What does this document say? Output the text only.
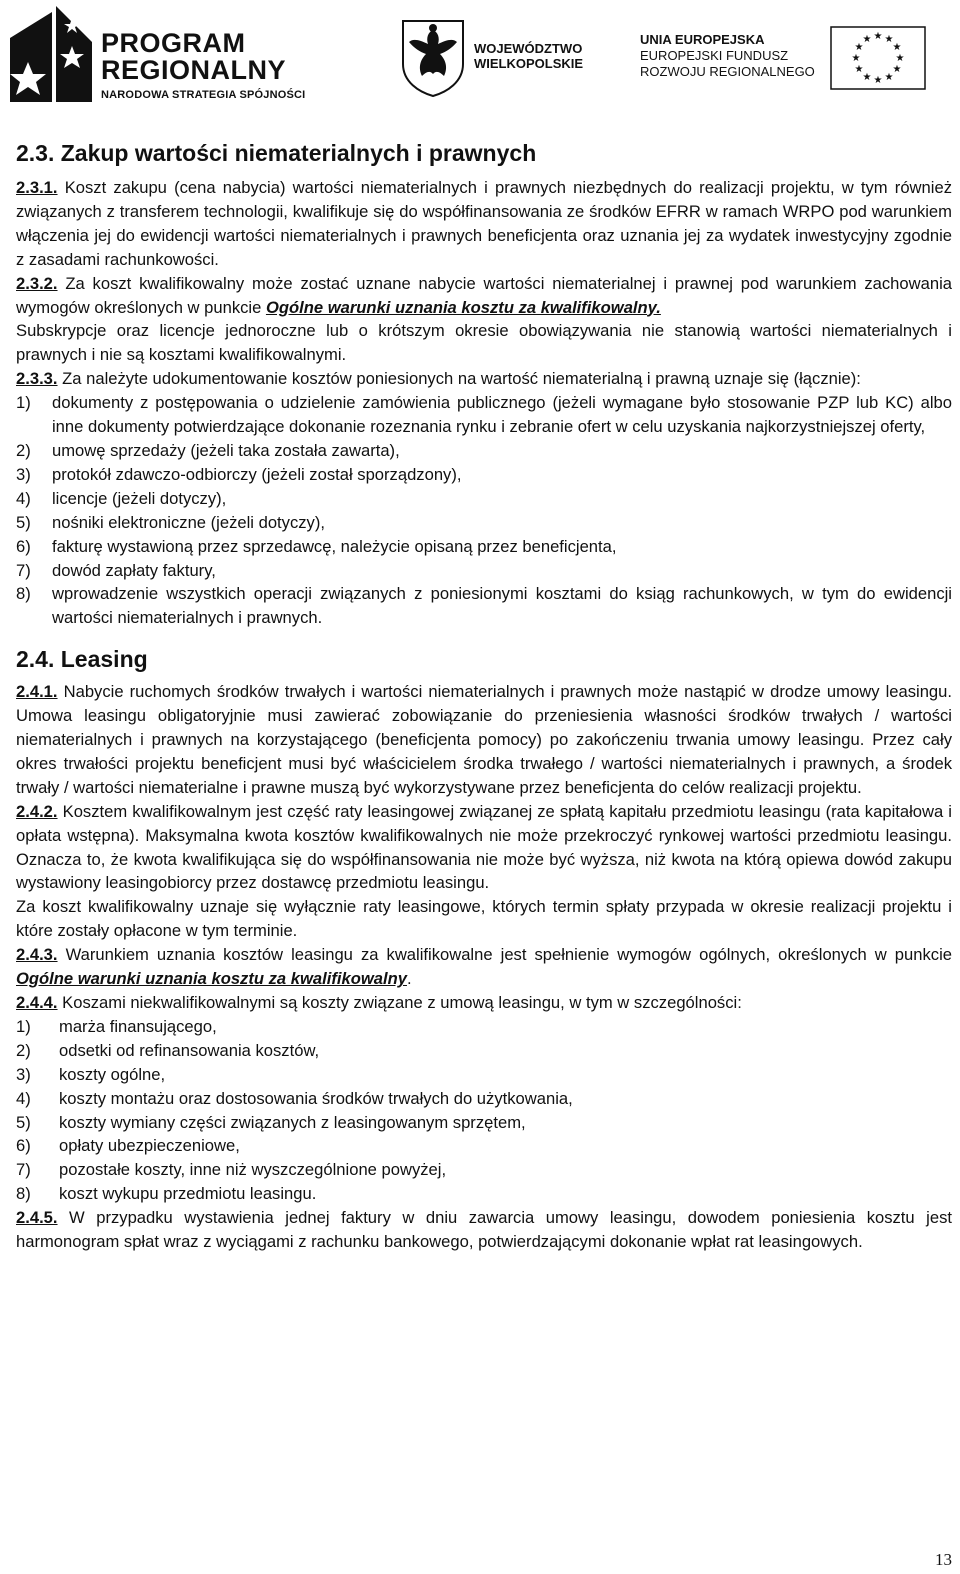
PROGRAM
REGIONALNY
NARODOWA STRATEGIA SPÓJNOŚCI
WOJEWÓDZTWO
WIELKOPOLSKIE
UNIA EUROPEJSKA
EUROPEJSKI FUNDUSZ
ROZWOJU REGIONALNEGO
★ ★
★
★
★
★
★
★
★
★
★
★
2.3. Zakup wartości niematerialnych i prawnych

2.3.1. Koszt zakupu (cena nabycia) wartości niematerialnych i prawnych niezbędnych do realizacji projektu, w tym również związanych z transferem technologii, kwalifikuje się do współfinansowania ze środków EFRR w ramach WRPO pod warunkiem włączenia jej do ewidencji wartości niematerialnych i prawnych beneficjenta oraz uznania jej za wydatek inwestycyjny zgodnie z zasadami rachunkowości.

2.3.2. Za koszt kwalifikowalny może zostać uznane nabycie wartości niematerialnej i prawnej pod warunkiem zachowania wymogów określonych w punkcie Ogólne warunki uznania kosztu za kwalifikowalny.

Subskrypcje oraz licencje jednoroczne lub o krótszym okresie obowiązywania nie stanowią wartości niematerialnych i prawnych i nie są kosztami kwalifikowalnymi.

2.3.3. Za należyte udokumentowanie kosztów poniesionych na wartość niematerialną i prawną uznaje się (łącznie):

1) dokumenty z postępowania o udzielenie zamówienia publicznego (jeżeli wymagane było stosowanie PZP lub KC) albo inne dokumenty potwierdzające dokonanie rozeznania rynku i zebranie ofert w celu uzyskania najkorzystniejszej oferty,
2) umowę sprzedaży (jeżeli taka została zawarta),
3) protokół zdawczo-odbiorczy (jeżeli został sporządzony),
4) licencje (jeżeli dotyczy),
5) nośniki elektroniczne (jeżeli dotyczy),
6) fakturę wystawioną przez sprzedawcę, należycie opisaną przez beneficjenta,
7) dowód zapłaty faktury,
8) wprowadzenie wszystkich operacji związanych z poniesionymi kosztami do ksiąg rachunkowych, w tym do ewidencji wartości niematerialnych i prawnych.
2.4. Leasing

2.4.1. Nabycie ruchomych środków trwałych i wartości niematerialnych i prawnych może nastąpić w drodze umowy leasingu. Umowa leasingu obligatoryjnie musi zawierać zobowiązanie do przeniesienia własności środków trwałych / wartości niematerialnych i prawnych na korzystającego (beneficjenta pomocy) po zakończeniu trwania umowy leasingu. Przez cały okres trwałości projektu beneficjent musi być właścicielem środka trwałego / wartości niematerialnych i prawnych, a środek trwały / wartości niematerialne i prawne muszą być wykorzystywane przez beneficjenta do celów realizacji projektu.

2.4.2. Kosztem kwalifikowalnym jest część raty leasingowej związanej ze spłatą kapitału przedmiotu leasingu (rata kapitałowa i opłata wstępna). Maksymalna kwota kosztów kwalifikowalnych nie może przekroczyć rynkowej wartości przedmiotu leasingu. Oznacza to, że kwota kwalifikująca się do współfinansowania nie może być wyższa, niż kwota na którą opiewa dowód zakupu wystawiony leasingobiorcy przez dostawcę przedmiotu leasingu.

Za koszt kwalifikowalny uznaje się wyłącznie raty leasingowe, których termin spłaty przypada w okresie realizacji projektu i które zostały opłacone w tym terminie.

2.4.3. Warunkiem uznania kosztów leasingu za kwalifikowalne jest spełnienie wymogów ogólnych, określonych w punkcie Ogólne warunki uznania kosztu za kwalifikowalny.

2.4.4. Koszami niekwalifikowalnymi są koszty związane z umową leasingu, w tym w szczególności:

1) marża finansującego,
2) odsetki od refinansowania kosztów,
3) koszty ogólne,
4) koszty montażu oraz dostosowania środków trwałych do użytkowania,
5) koszty wymiany części związanych z leasingowanym sprzętem,
6) opłaty ubezpieczeniowe,
7) pozostałe koszty, inne niż wyszczególnione powyżej,
8) koszt wykupu przedmiotu leasingu.

2.4.5. W przypadku wystawienia jednej faktury w dniu zawarcia umowy leasingu, dowodem poniesienia kosztu jest harmonogram spłat wraz z wyciągami z rachunku bankowego, potwierdzającymi dokonanie wpłat rat leasingowych.

13
